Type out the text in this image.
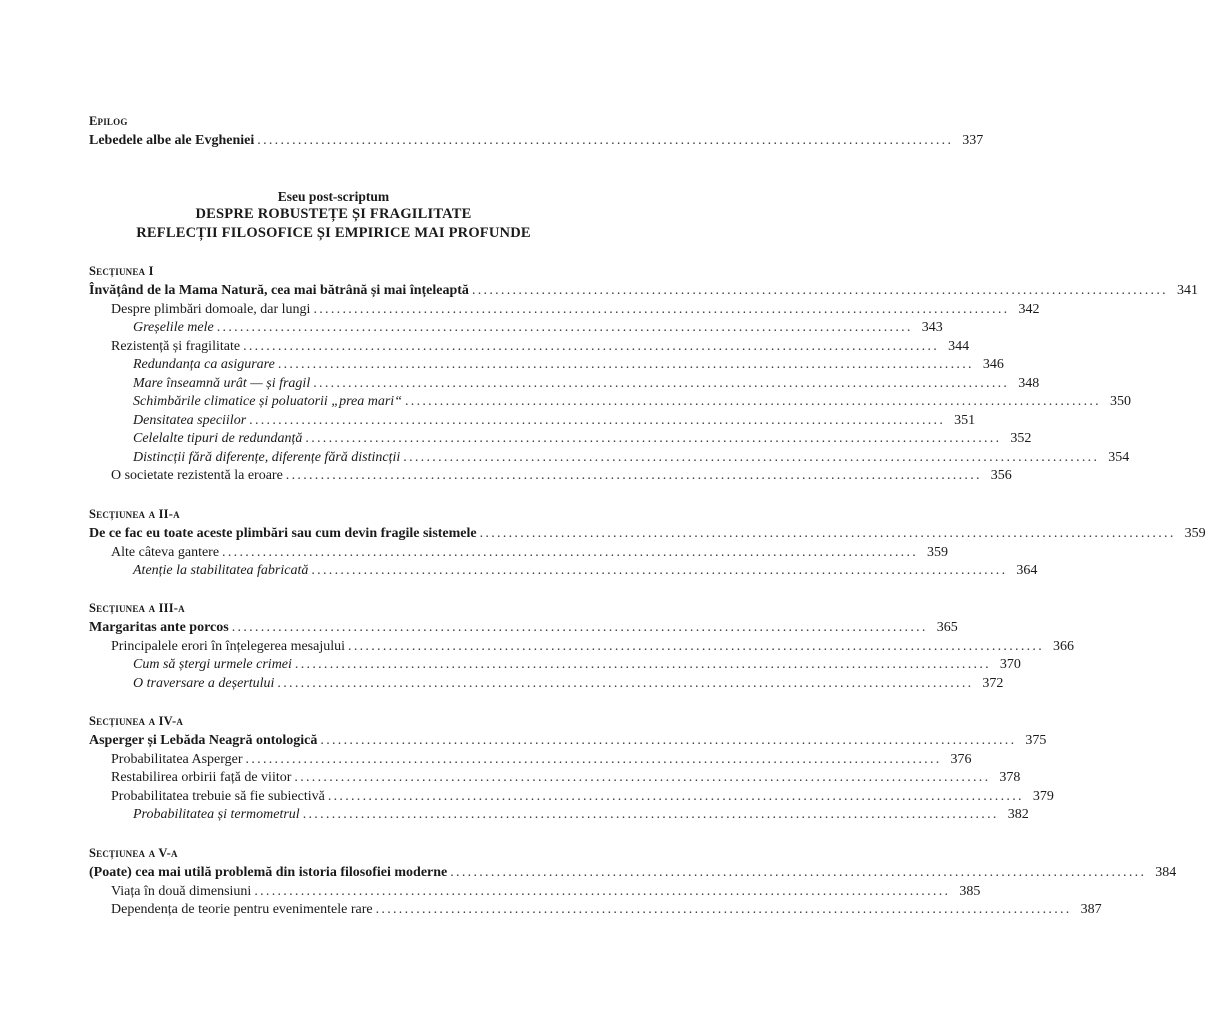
Epilog
Lebedele albe ale Evgheniei ........................................................................................................................ 337
Eseu post-scriptum
DESPRE ROBUSTEȚE ȘI FRAGILITATE
REFLECȚII FILOSOFICE ȘI EMPIRICE MAI PROFUNDE
Secțiunea I
Învățând de la Mama Natură, cea mai bătrână și mai înțeleaptă ........................................................................................................................ 341
Despre plimbări domoale, dar lungi ........................................................................................................................ 342
Greșelile mele ........................................................................................................................ 343
Rezistență și fragilitate ........................................................................................................................ 344
Redundanța ca asigurare ........................................................................................................................ 346
Mare înseamnă urât — și fragil ........................................................................................................................ 348
Schimbările climatice și poluatorii „prea mari“ ........................................................................................................................ 350
Densitatea speciilor ........................................................................................................................ 351
Celelalte tipuri de redundanță ........................................................................................................................ 352
Distincții fără diferențe, diferențe fără distincții ........................................................................................................................ 354
O societate rezistentă la eroare ........................................................................................................................ 356
Secțiunea a II-a
De ce fac eu toate aceste plimbări sau cum devin fragile sistemele ........................................................................................................................ 359
Alte câteva gantere ........................................................................................................................ 359
Atenție la stabilitatea fabricată ........................................................................................................................ 364
Secțiunea a III-a
Margaritas ante porcos ........................................................................................................................ 365
Principalele erori în înțelegerea mesajului ........................................................................................................................ 366
Cum să ștergi urmele crimei ........................................................................................................................ 370
O traversare a deșertului ........................................................................................................................ 372
Secțiunea a IV-a
Asperger și Lebăda Neagră ontologică ........................................................................................................................ 375
Probabilitatea Asperger ........................................................................................................................ 376
Restabilirea orbirii față de viitor ........................................................................................................................ 378
Probabilitatea trebuie să fie subiectivă ........................................................................................................................ 379
Probabilitatea și termometrul ........................................................................................................................ 382
Secțiunea a V-a
(Poate) cea mai utilă problemă din istoria filosofiei moderne ........................................................................................................................ 384
Viața în două dimensiuni ........................................................................................................................ 385
Dependența de teorie pentru evenimentele rare ........................................................................................................................ 387
